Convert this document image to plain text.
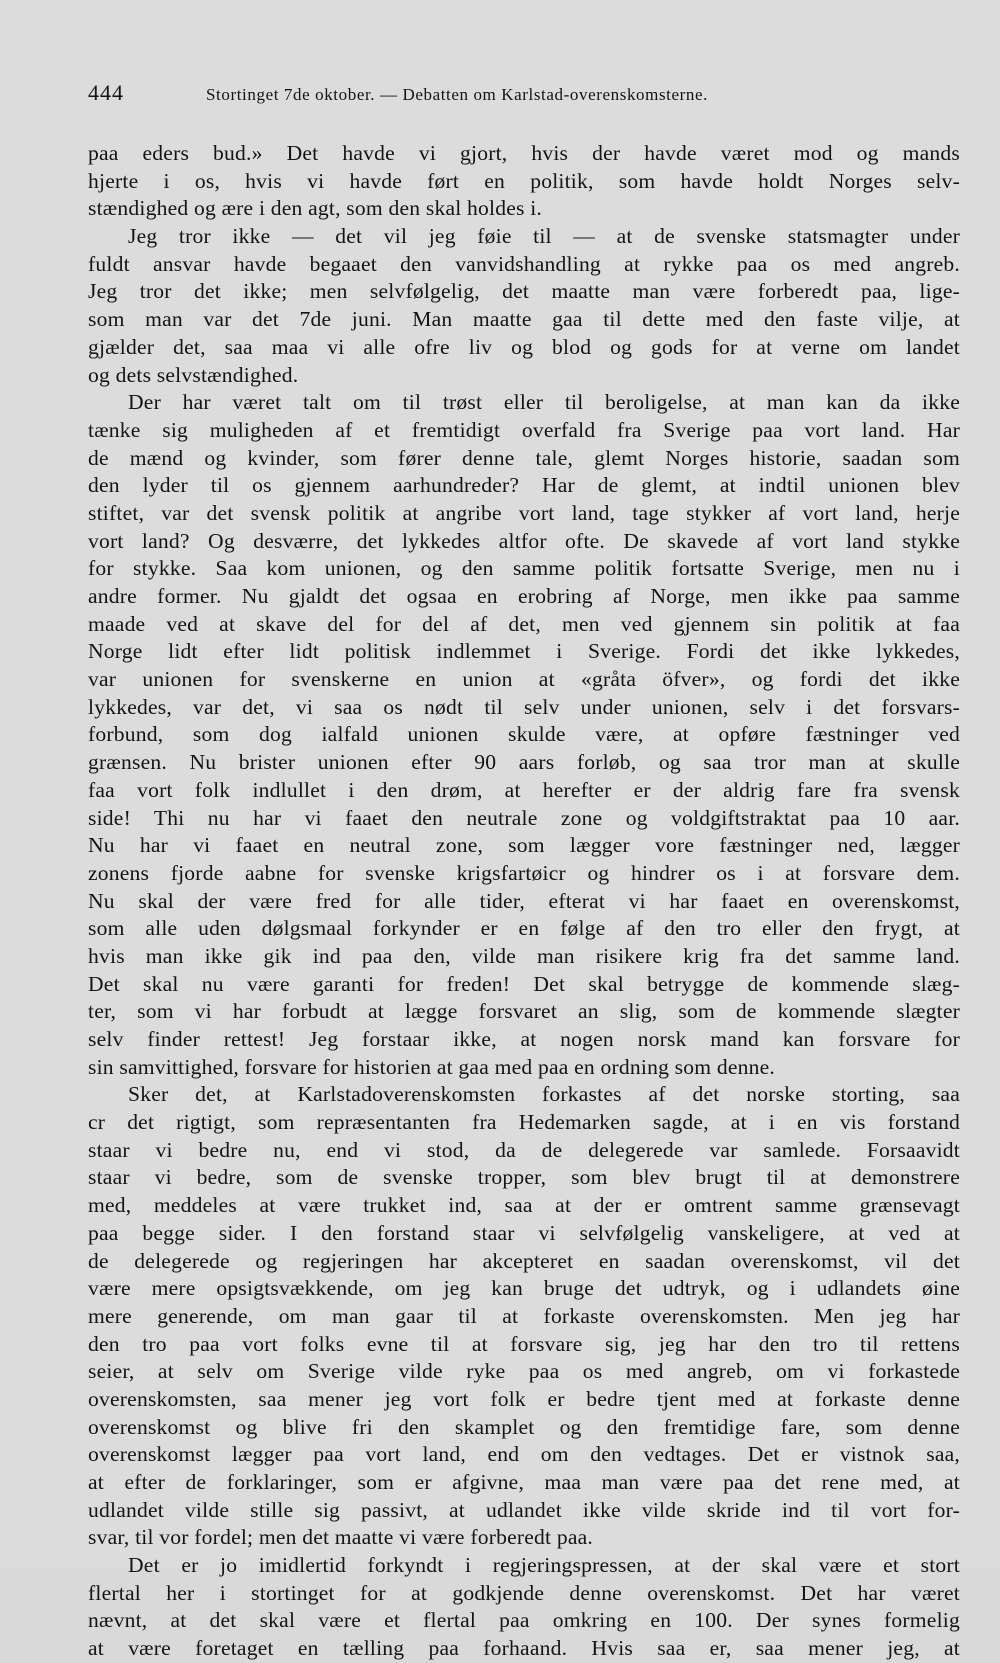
444	Stortinget 7de oktober. — Debatten om Karlstad-overenskomsterne.
paa eders bud.» Det havde vi gjort, hvis der havde været mod og mands
hjerte i os, hvis vi havde ført en politik, som havde holdt Norges selv-
stændighed og ære i den agt, som den skal holdes i.
Jeg tror ikke — det vil jeg føie til — at de svenske statsmagter under
fuldt ansvar havde begaaet den vanvidshandling at rykke paa os med angreb.
Jeg tror det ikke; men selvfølgelig, det maatte man være forberedt paa, lige-
som man var det 7de juni. Man maatte gaa til dette med den faste vilje, at
gjælder det, saa maa vi alle ofre liv og blod og gods for at verne om landet
og dets selvstændighed.
Der har været talt om til trøst eller til beroligelse, at man kan da ikke
tænke sig muligheden af et fremtidigt overfald fra Sverige paa vort land. Har
de mænd og kvinder, som fører denne tale, glemt Norges historie, saadan som
den lyder til os gjennem aarhundreder? Har de glemt, at indtil unionen blev
stiftet, var det svensk politik at angribe vort land, tage stykker af vort land, herje
vort land? Og desværre, det lykkedes altfor ofte. De skavede af vort land stykke
for stykke. Saa kom unionen, og den samme politik fortsatte Sverige, men nu i
andre former. Nu gjaldt det ogsaa en erobring af Norge, men ikke paa samme
maade ved at skave del for del af det, men ved gjennem sin politik at faa
Norge lidt efter lidt politisk indlemmet i Sverige. Fordi det ikke lykkedes,
var unionen for svenskerne en union at «gråta öfver», og fordi det ikke
lykkedes, var det, vi saa os nødt til selv under unionen, selv i det forsvars-
forbund, som dog ialfald unionen skulde være, at opføre fæstninger ved
grænsen. Nu brister unionen efter 90 aars forløb, og saa tror man at skulle
faa vort folk indlullet i den drøm, at herefter er der aldrig fare fra svensk
side! Thi nu har vi faaet den neutrale zone og voldgiftstraktat paa 10 aar.
Nu har vi faaet en neutral zone, som lægger vore fæstninger ned, lægger
zonens fjorde aabne for svenske krigsfartøicr og hindrer os i at forsvare dem.
Nu skal der være fred for alle tider, efterat vi har faaet en overenskomst,
som alle uden dølgsmaal forkynder er en følge af den tro eller den frygt, at
hvis man ikke gik ind paa den, vilde man risikere krig fra det samme land.
Det skal nu være garanti for freden! Det skal betrygge de kommende slæg-
ter, som vi har forbudt at lægge forsvaret an slig, som de kommende slægter
selv finder rettest! Jeg forstaar ikke, at nogen norsk mand kan forsvare for
sin samvittighed, forsvare for historien at gaa med paa en ordning som denne.
Sker det, at Karlstadoverenskomsten forkastes af det norske storting, saa
cr det rigtigt, som repræsentanten fra Hedemarken sagde, at i en vis forstand
staar vi bedre nu, end vi stod, da de delegerede var samlede. Forsaavidt
staar vi bedre, som de svenske tropper, som blev brugt til at demonstrere
med, meddeles at være trukket ind, saa at der er omtrent samme grænsevagt
paa begge sider. I den forstand staar vi selvfølgelig vanskeligere, at ved at
de delegerede og regjeringen har akcepteret en saadan overenskomst, vil det
være mere opsigtsvækkende, om jeg kan bruge det udtryk, og i udlandets øine
mere generende, om man gaar til at forkaste overenskomsten. Men jeg har
den tro paa vort folks evne til at forsvare sig, jeg har den tro til rettens
seier, at selv om Sverige vilde ryke paa os med angreb, om vi forkastede
overenskomsten, saa mener jeg vort folk er bedre tjent med at forkaste denne
overenskomst og blive fri den skamplet og den fremtidige fare, som denne
overenskomst lægger paa vort land, end om den vedtages. Det er vistnok saa,
at efter de forklaringer, som er afgivne, maa man være paa det rene med, at
udlandet vilde stille sig passivt, at udlandet ikke vilde skride ind til vort for-
svar, til vor fordel; men det maatte vi være forberedt paa.
Det er jo imidlertid forkyndt i regjeringspressen, at der skal være et stort
flertal her i stortinget for at godkjende denne overenskomst. Det har været
nævnt, at det skal være et flertal paa omkring en 100. Der synes formelig
at være foretaget en tælling paa forhaand. Hvis saa er, saa mener jeg, at
